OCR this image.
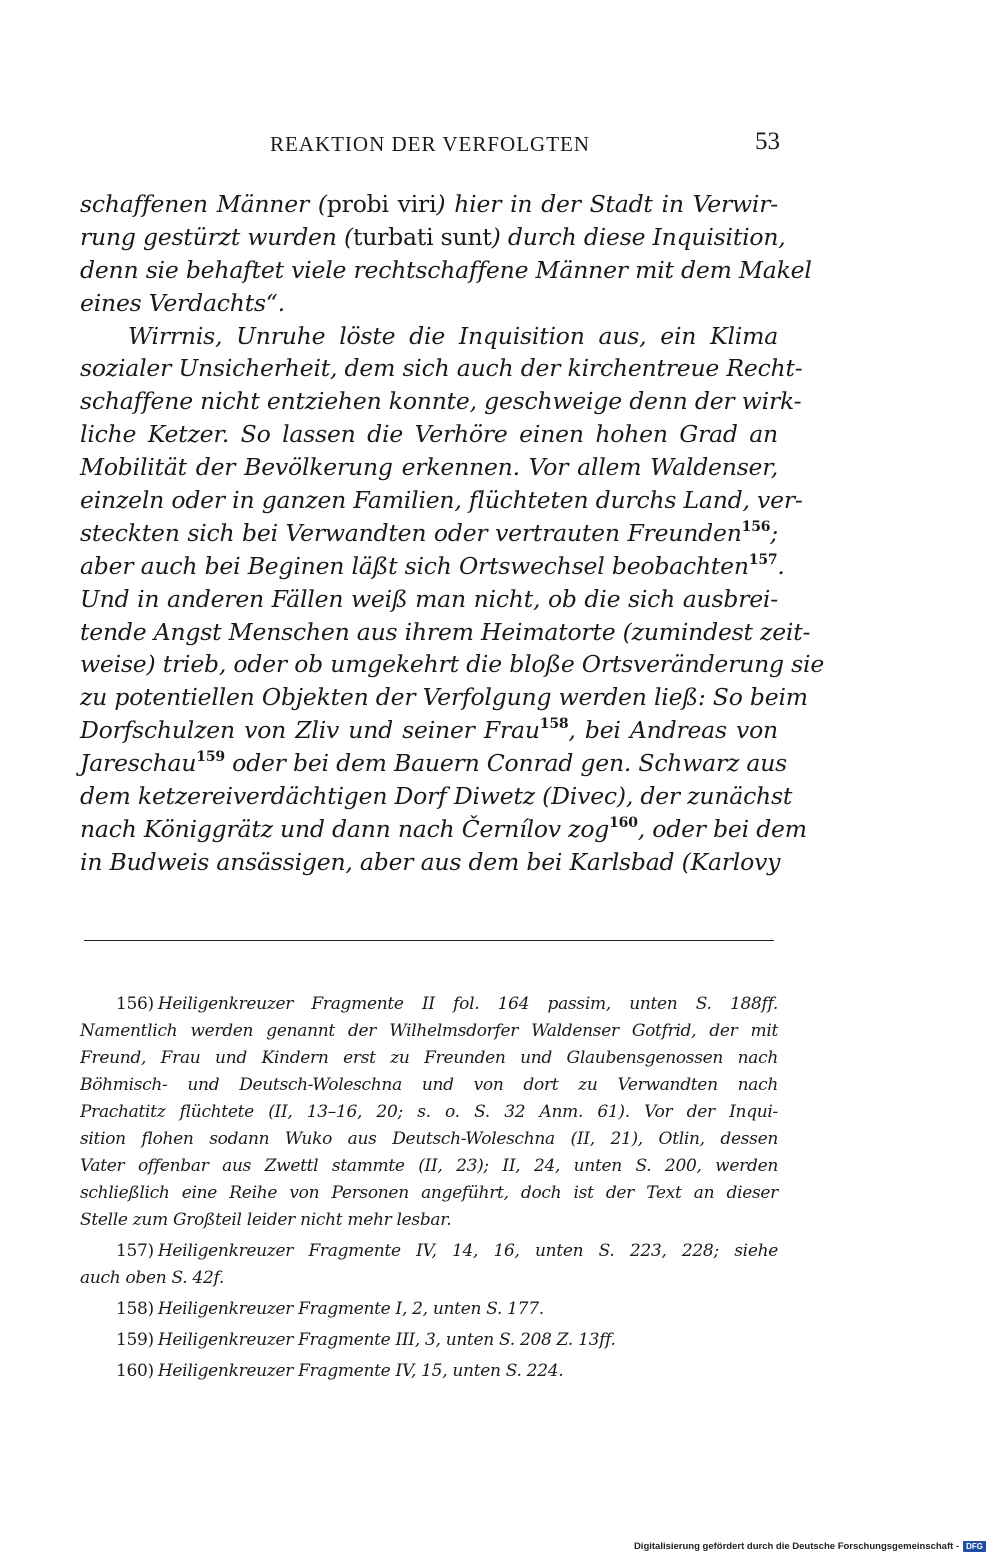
REAKTION DER VERFOLGTEN	53
schaffenen Männer (probi viri) hier in der Stadt in Verwir-
rung gestürzt wurden (turbati sunt) durch diese Inquisition,
denn sie behaftet viele rechtschaffene Männer mit dem Makel
eines Verdachts“.
Wirrnis, Unruhe löste die Inquisition aus, ein Klima
sozialer Unsicherheit, dem sich auch der kirchentreue Recht-
schaffene nicht entziehen konnte, geschweige denn der wirk-
liche Ketzer. So lassen die Verhöre einen hohen Grad an
Mobilität der Bevölkerung erkennen. Vor allem Waldenser,
einzeln oder in ganzen Familien, flüchteten durchs Land, ver-
steckten sich bei Verwandten oder vertrauten Freunden$^{156}$;
aber auch bei Beginen läßt sich Ortswechsel beobachten$^{157}$.
Und in anderen Fällen weiß man nicht, ob die sich ausbrei-
tende Angst Menschen aus ihrem Heimatorte (zumindest zeit-
weise) trieb, oder ob umgekehrt die bloße Ortsveränderung sie
zu potentiellen Objekten der Verfolgung werden ließ: So beim
Dorfschulzen von Zliv und seiner Frau$^{158}$, bei Andreas von
Jareschau$^{159}$ oder bei dem Bauern Conrad gen. Schwarz aus
dem ketzereiverdächtigen Dorf Diwetz (Divec), der zunächst
nach Königgrätz und dann nach Černílov zog$^{160}$, oder bei dem
in Budweis ansässigen, aber aus dem bei Karlsbad (Karlovy
156) Heiligenkreuzer Fragmente II fol. 164 passim, unten S. 188ff.
Namentlich werden genannt der Wilhelmsdorfer Waldenser Gotfrid, der mit
Freund, Frau und Kindern erst zu Freunden und Glaubensgenossen nach
Böhmisch- und Deutsch-Woleschna und von dort zu Verwandten nach
Prachatitz flüchtete (II, 13–16, 20; s. o. S. 32 Anm. 61). Vor der Inqui-
sition flohen sodann Wuko aus Deutsch-Woleschna (II, 21), Otlin, dessen
Vater offenbar aus Zwettl stammte (II, 23); II, 24, unten S. 200, werden
schließlich eine Reihe von Personen angeführt, doch ist der Text an dieser
Stelle zum Großteil leider nicht mehr lesbar.
157) Heiligenkreuzer Fragmente IV, 14, 16, unten S. 223, 228; siehe
auch oben S. 42f.
158) Heiligenkreuzer Fragmente I, 2, unten S. 177.
159) Heiligenkreuzer Fragmente III, 3, unten S. 208 Z. 13ff.
160) Heiligenkreuzer Fragmente IV, 15, unten S. 224.
Digitalisierung gefördert durch die Deutsche Forschungsgemeinschaft - DFG
